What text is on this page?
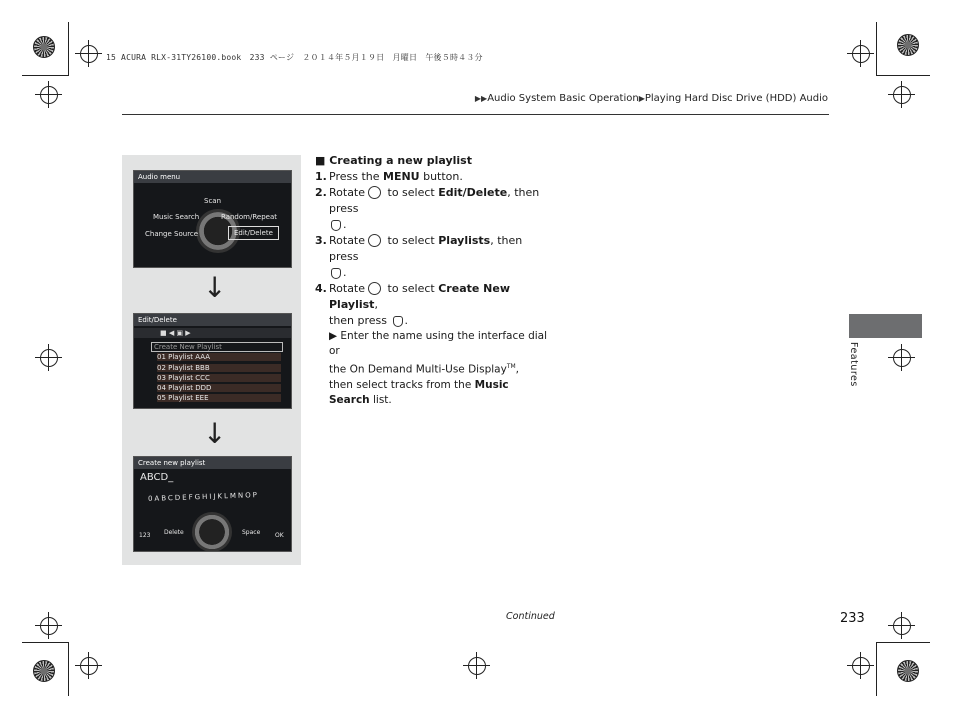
15 ACURA RLX-31TY26100.book　233 ページ　２０１４年５月１９日　月曜日　午後５時４３分
▶▶Audio System Basic Operation▶Playing Hard Disc Drive (HDD) Audio
Audio menu
Scan
Music Search	Random/Repeat
Change Source	Edit/Delete
↓
Edit/Delete
■ ◀ ▣ ▶
Create New Playlist
01 Playlist AAA
02 Playlist BBB
03 Playlist CCC
04 Playlist DDD
05 Playlist EEE
↓
Create new playlist
ABCD_
0ABCDEFGHIJKLMNOP
Delete	Space
123	OK
■ Creating a new playlist
1. Press the MENU button.
2. Rotate to select Edit/Delete, then press
.
3. Rotate to select Playlists, then press
.
4. Rotate to select Create New Playlist,
then press .
▶ Enter the name using the interface dial or
the On Demand Multi-Use Display™,
then select tracks from the Music
Search list.
Features
Continued	233
